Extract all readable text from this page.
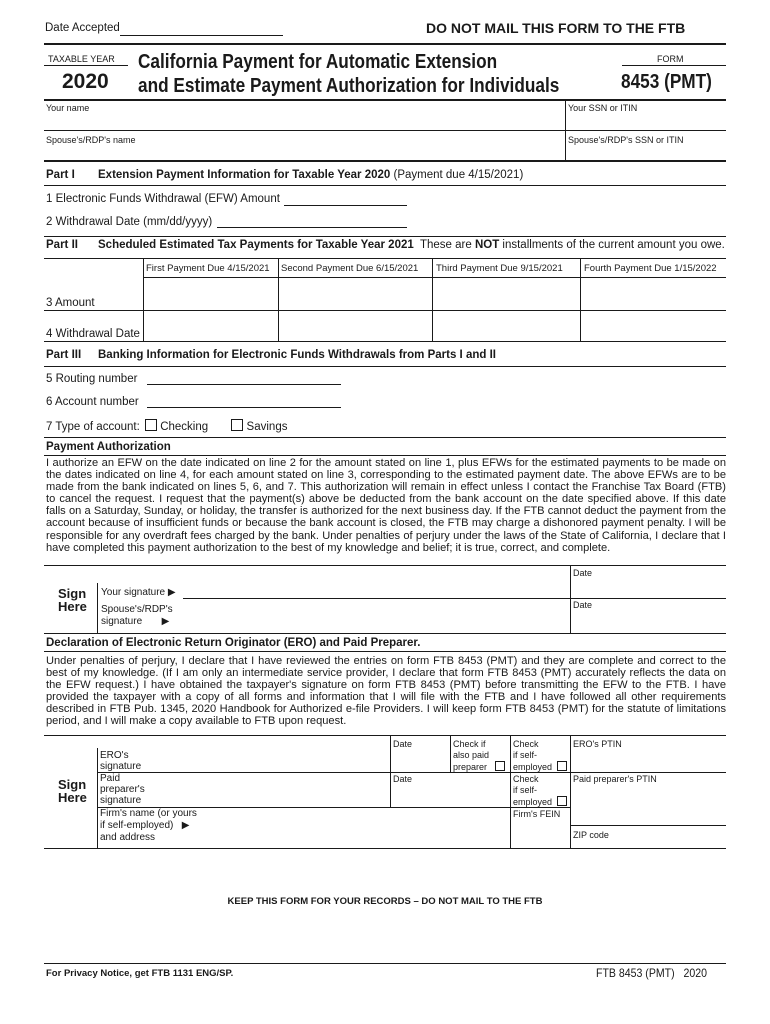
Date Accepted	DO NOT MAIL THIS FORM TO THE FTB
TAXABLE YEAR
2020
California Payment for Automatic Extension
and Estimate Payment Authorization for Individuals
FORM
8453 (PMT)
Your name	Your SSN or ITIN
Spouse's/RDP's name	Spouse's/RDP's SSN or ITIN
Part I Extension Payment Information for Taxable Year 2020 (Payment due 4/15/2021)
1 Electronic Funds Withdrawal (EFW) Amount
2 Withdrawal Date (mm/dd/yyyy)
Part II Scheduled Estimated Tax Payments for Taxable Year 2021 These are NOT installments of the current amount you owe.
First Payment Due 4/15/2021 Second Payment Due 6/15/2021 Third Payment Due 9/15/2021 Fourth Payment Due 1/15/2022
3 Amount
4 Withdrawal Date
Part III Banking Information for Electronic Funds Withdrawals from Parts I and II
5 Routing number
6 Account number
7 Type of account: Checking	Savings
Payment Authorization
I authorize an EFW on the date indicated on line 2 for the amount stated on line 1, plus EFWs for the estimated payments to be made on the dates indicated on line 4, for each amount stated on line 3, corresponding to the estimated payment date. The above EFWs are to be made from the bank indicated on lines 5, 6, and 7. This authorization will remain in effect unless I contact the Franchise Tax Board (FTB) to cancel the request. I request that the payment(s) above be deducted from the bank account on the date specified above. If this date falls on a Saturday, Sunday, or holiday, the transfer is authorized for the next business day. If the FTB cannot deduct the payment from the account because of insufficient funds or because the bank account is closed, the FTB may charge a dishonored payment penalty. I will be responsible for any overdraft fees charged by the bank. Under penalties of perjury under the laws of the State of California, I declare that I have completed this payment authorization to the best of my knowledge and belief; it is true, correct, and complete.
Sign
Here
Date
Your signature ▶
Date
Spouse's/RDP's
signature ▶
Declaration of Electronic Return Originator (ERO) and Paid Preparer.
Under penalties of perjury, I declare that I have reviewed the entries on form FTB 8453 (PMT) and they are complete and correct to the best of my knowledge. (If I am only an intermediate service provider, I declare that form FTB 8453 (PMT) accurately reflects the data on the EFW request.) I have obtained the taxpayer's signature on form FTB 8453 (PMT) before transmitting the EFW to the FTB. I have provided the taxpayer with a copy of all forms and information that I will file with the FTB and I have followed all other requirements described in FTB Pub. 1345, 2020 Handbook for Authorized e-file Providers. I will keep form FTB 8453 (PMT) for the statute of limitations period, and I will make a copy available to FTB upon request.
Sign
Here
ERO's
signature
Date	Check if
also paid
preparer
Check
if self-
employed
ERO's PTIN
Paid
preparer's
signature
Date	Check
if self-
employed
Paid preparer's PTIN
Firm's name (or yours
if self-employed) ▶
and address
Firm's FEIN
ZIP code
KEEP THIS FORM FOR YOUR RECORDS – DO NOT MAIL TO THE FTB
For Privacy Notice, get FTB 1131 ENG/SP.	FTB 8453 (PMT) 2020
